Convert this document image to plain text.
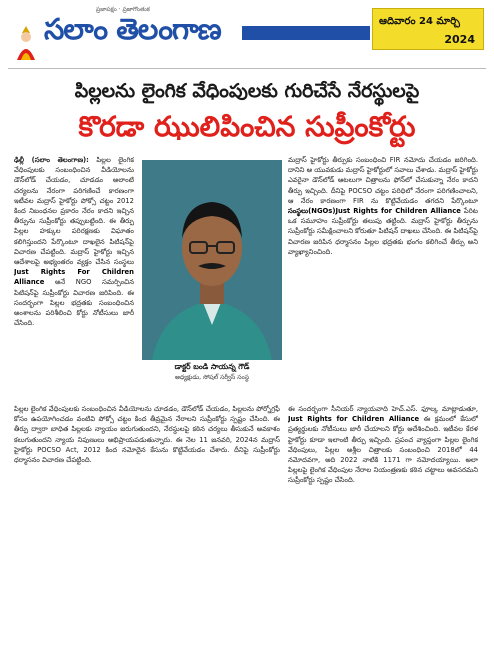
ప్రజాపక్షం · ప్రజాగొంతుక
సలాం తెలంగాణ	ఆదివారం 24 మార్చి
2024
పిల్లలను లైంగిక వేధింపులకు గురిచేసే నేరస్థులపై
కొరడా ఝులిపించిన సుప్రీంకోర్టు

ఢిల్లీ (సలాం తెలంగాణ): పిల్లల లైంగిక వేధింపులకు సంబంధించిన వీడియోలను డౌన్‌లోడ్ చేయడం, చూడడం అలాంటి చర్యలను నేరంగా పరిగణించే కారణంగా ఇటీవల మద్రాస్ హైకోర్టు పోక్సో చట్టం 2012 కింద నిబంధనల ప్రకారం నేరం కాదని ఇచ్చిన తీర్పును సుప్రీంకోర్టు తప్పుబట్టింది. ఈ తీర్పు పిల్లల హక్కుల పరిరక్షణకు విఘాతం కలిగిస్తుందని పేర్కొంటూ దాఖలైన పిటిషన్‌పై విచారణ చేపట్టింది. మద్రాస్ హైకోర్టు ఇచ్చిన ఆదేశాలపై అభ్యంతరం వ్యక్తం చేసిన సంస్థలు Just Rights For Children Alliance అనే NGO సమర్పించిన పిటిషన్‌పై సుప్రీంకోర్టు విచారణ జరిపింది. ఈ సందర్భంగా పిల్లల భద్రతకు సంబంధించిన అంశాలను పరిశీలించి కోర్టు నోటీసులు జారీ చేసింది.

డాక్టర్ బండి సాయన్న గౌడ్
అధ్యక్షుడు, సోషల్ సర్వీస్ సంస్థ

మద్రాస్ హైకోర్టు తీర్పుకు సంబంధించి FIR నమోదు చేయడం జరిగింది. దానిని ఆ యువకుడు మద్రాస్ హైకోర్టులో సవాలు చేశాడు. మద్రాస్ హైకోర్టు ఎవరైనా డౌన్‌లోడ్ ఆటలుగా చిత్రాలను ఫోన్‌లో చేసుకున్నా నేరం కాదని తీర్పు ఇచ్చింది. దీనిపై POCSO చట్టం పరిధిలో నేరంగా పరిగణించాలని, ఆ నేరం కారణంగా FIR ను కొట్టివేయడం తగదని పేర్కొంటూ సంస్థలు(NGOs)Just Rights for Children Alliance పేరిట ఒక సమూహం సుప్రీంకోర్టు తలుపు తట్టింది. మద్రాస్ హైకోర్టు తీర్పును సుప్రీంకోర్టు సమీక్షించాలని కోరుతూ పిటిషన్ దాఖలు చేసింది. ఈ పిటిషన్‌పై విచారణ జరిపిన ధర్మాసనం పిల్లల భద్రతకు భంగం కలిగించే తీర్పు అని వ్యాఖ్యానించింది.

పిల్లల లైంగిక వేధింపులకు సంబంధించిన వీడియోలను చూడడం, డౌన్‌లోడ్ చేయడం, పిల్లలను పోర్నోగ్రఫీ కోసం ఉపయోగించడం వంటివి పోక్సో చట్టం కింద తీవ్రమైన నేరాలని సుప్రీంకోర్టు స్పష్టం చేసింది. ఈ తీర్పు ద్వారా బాధిత పిల్లలకు న్యాయం జరుగుతుందని, నేరస్థులపై కఠిన చర్యలు తీసుకునే అవకాశం కలుగుతుందని న్యాయ నిపుణులు అభిప్రాయపడుతున్నారు. ఈ నెల 11 జనవరి, 2024న మద్రాస్ హైకోర్టు POCSO Act, 2012 కింద నమోదైన కేసును కొట్టివేయడం చేశారు. దీనిపై సుప్రీంకోర్టు ధర్మాసనం విచారణ చేపట్టింది.

ఈ సందర్భంగా సీనియర్ న్యాయవాది హెచ్.ఎస్. ఫూల్క మాట్లాడుతూ, Just Rights for Children Alliance ఈ క్రమంలో కేసులో ప్రత్యర్థులకు నోటీసులు జారీ చేయాలని కోర్టు ఆదేశించింది. ఇటీవల కేరళ హైకోర్టు కూడా ఇలాంటి తీర్పు ఇచ్చింది. ప్రపంచ వ్యాప్తంగా పిల్లల లైంగిక వేధింపులు, పిల్లల అశ్లీల చిత్రాలకు సంబంధించి 2018లో 44 నమోదవగా, అది 2022 నాటికి 1171 గా నమోదయ్యాయి. అలా పిల్లలపై లైంగిక వేధింపుల నేరాల నియంత్రణకు కఠిన చట్టాలు అవసరమని సుప్రీంకోర్టు స్పష్టం చేసింది.
